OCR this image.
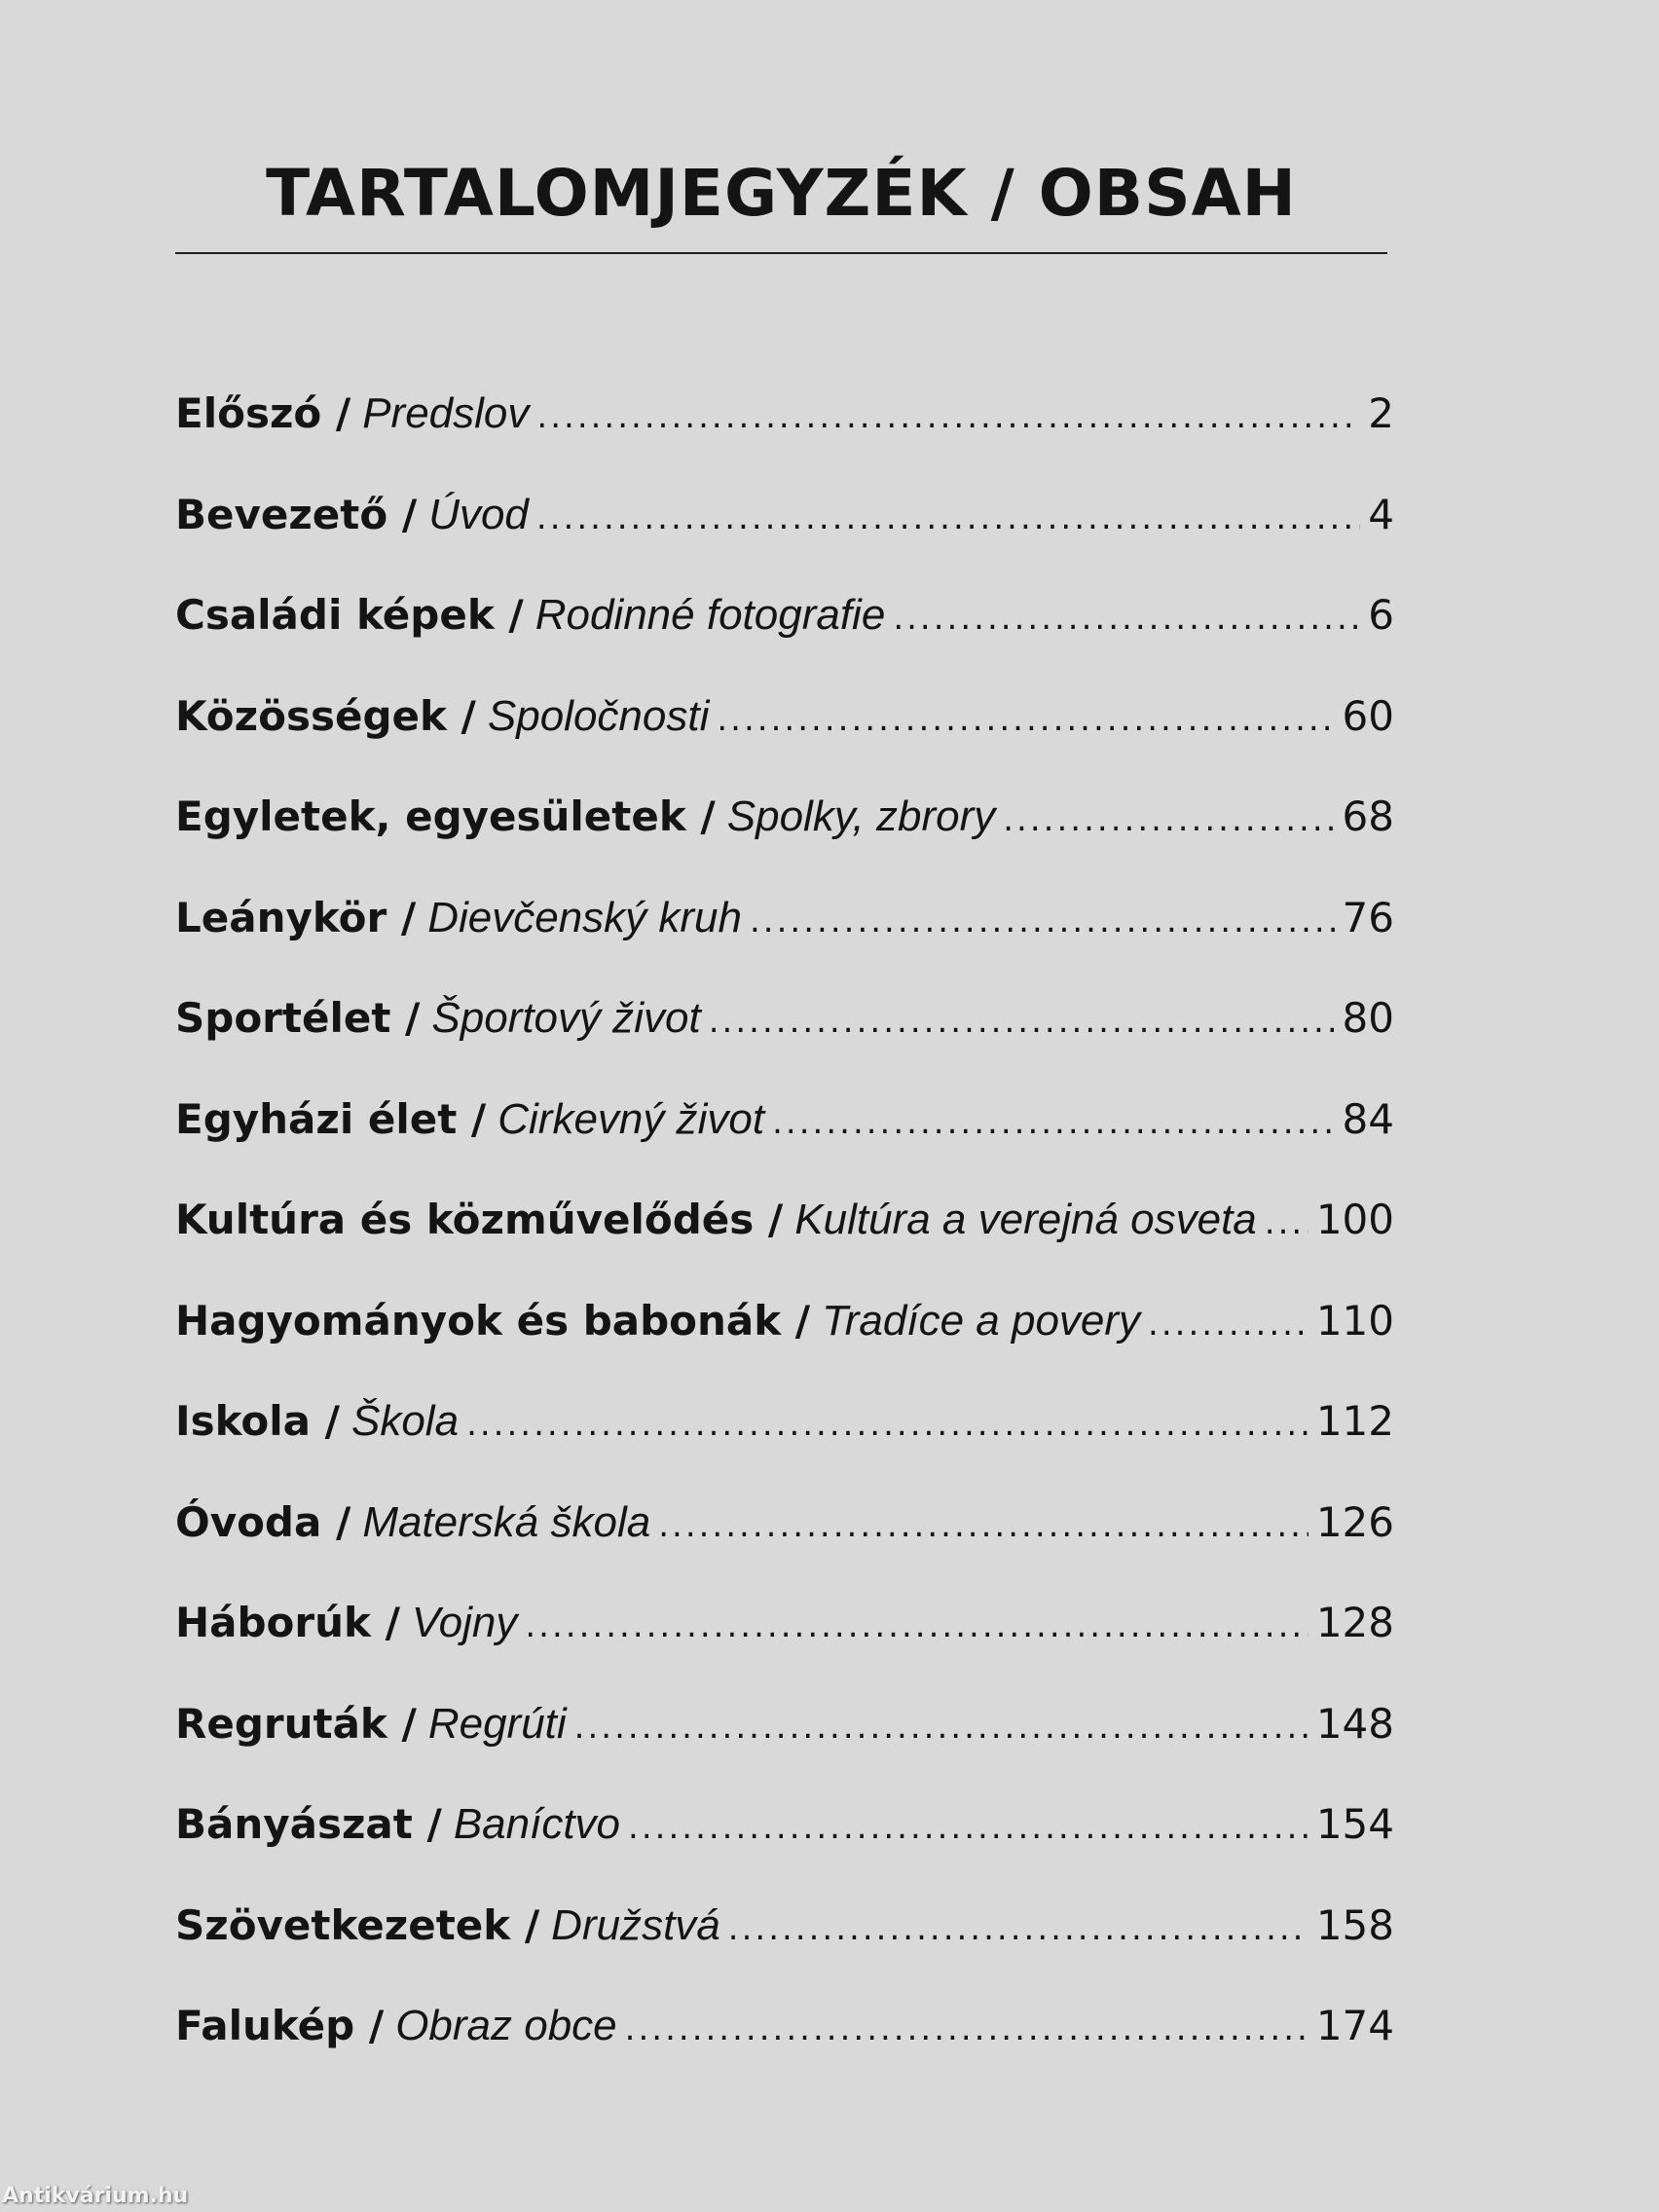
TARTALOMJEGYZÉK / OBSAH
Előszó / Predslov .....	2
Bevezető / Úvod .....	4
Családi képek / Rodinné fotografie .....	6
Közösségek / Spoločnosti .....	60
Egyletek, egyesületek / Spolky, zbrory .....	68
Leánykör / Dievčenský kruh .....	76
Sportélet / Športový život .....	80
Egyházi élet / Cirkevný život .....	84
Kultúra és közművelődés / Kultúra a verejná osveta ..... 100
Hagyományok és babonák / Tradíce a povery .....	110
Iskola / Škola .....	112
Óvoda / Materská škola .....	126
Háborúk / Vojny .....	128
Regruták / Regrúti .....	148
Bányászat / Baníctvo .....	154
Szövetkezetek / Družstvá .....	158
Falukép / Obraz obce .....	174
Antikvárium.hu
